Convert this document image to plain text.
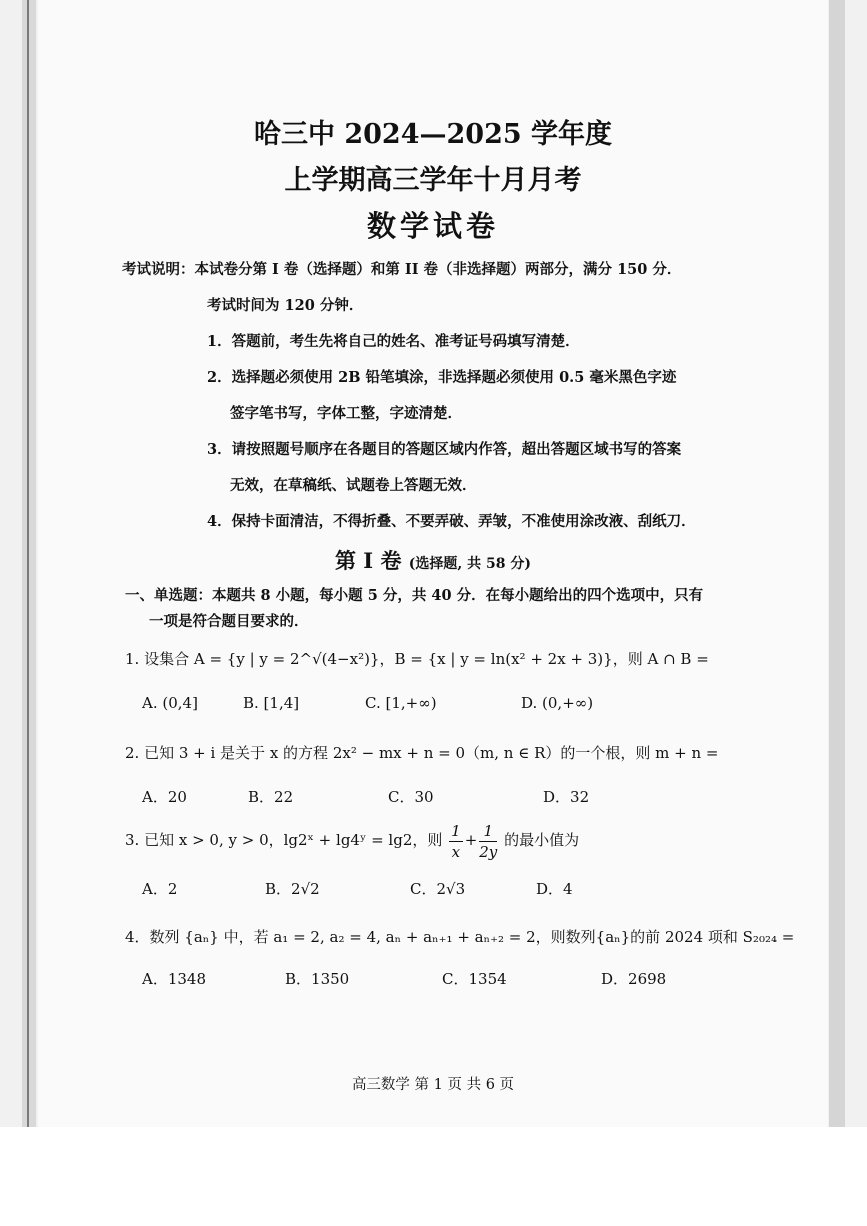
哈三中 2024—2025 学年度
上学期高三学年十月月考
数学试卷
考试说明：本试卷分第 I 卷（选择题）和第 II 卷（非选择题）两部分，满分 150 分．
考试时间为 120 分钟．
1．答题前，考生先将自己的姓名、准考证号码填写清楚．
2．选择题必须使用 2B 铅笔填涂，非选择题必须使用 0.5 毫米黑色字迹
签字笔书写，字体工整，字迹清楚．
3．请按照题号顺序在各题目的答题区域内作答，超出答题区域书写的答案
无效，在草稿纸、试题卷上答题无效．
4．保持卡面清洁，不得折叠、不要弄破、弄皱，不准使用涂改液、刮纸刀．
第 I 卷 (选择题, 共 58 分)
一、单选题：本题共 8 小题，每小题 5 分，共 40 分．在每小题给出的四个选项中，只有
一项是符合题目要求的．
1. 设集合 A = {y | y = 2^√(4−x²)}，B = {x | y = ln(x² + 2x + 3)}，则 A ∩ B =
A. (0,4]	B. [1,4]	C. [1,+∞)	D. (0,+∞)
2. 已知 3 + i 是关于 x 的方程 2x² − mx + n = 0（m, n ∈ R）的一个根，则 m + n =
A．20	B．22	C．30	D．32
3. 已知 x > 0, y > 0，lg2ˣ + lg4ʸ = lg2，则 $\frac{1}{x} + \frac{1}{2y}$ 的最小值为
A．2	B．2√2	C．2√3	D．4
4．数列 {aₙ} 中，若 a₁ = 2, a₂ = 4, aₙ + aₙ₊₁ + aₙ₊₂ = 2，则数列{aₙ}的前 2024 项和 S₂₀₂₄ =
A．1348	B．1350	C．1354	D．2698
高三数学 第 1 页 共 6 页
